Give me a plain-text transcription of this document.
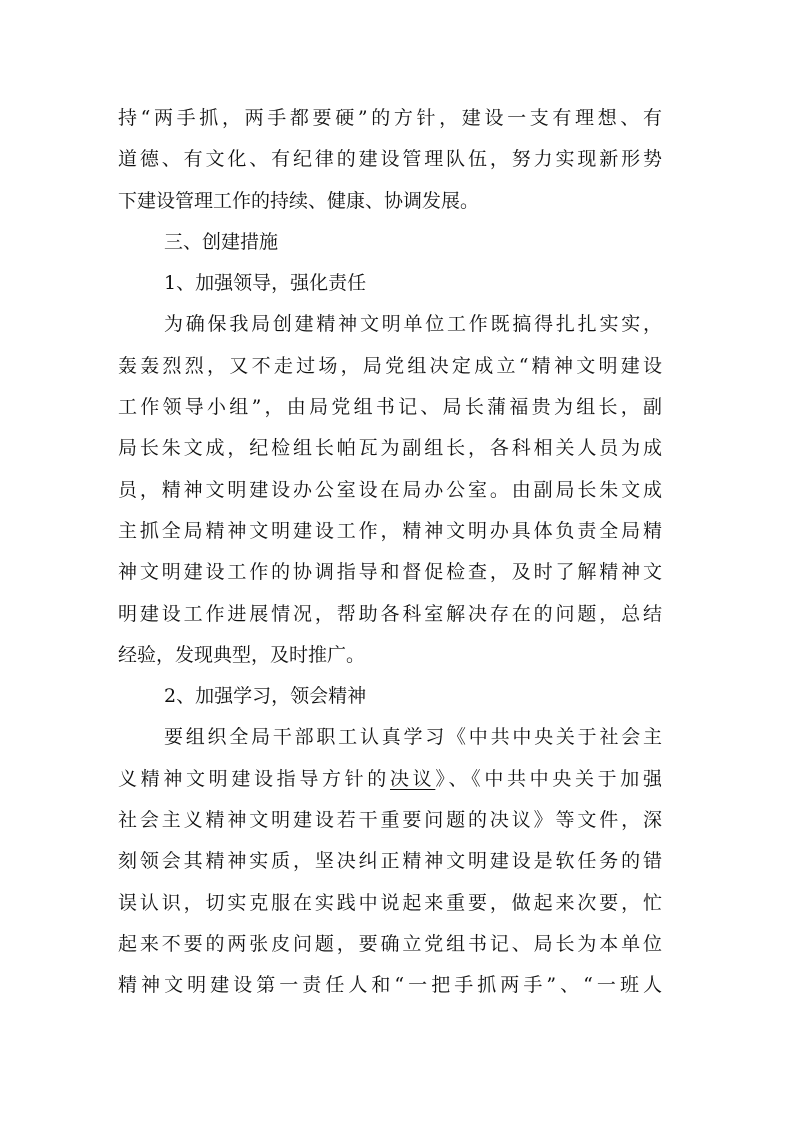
持“两手抓，两手都要硬”的方针，建设一支有理想、有
道德、有文化、有纪律的建设管理队伍，努力实现新形势
下建设管理工作的持续、健康、协调发展。
三、创建措施
1、加强领导，强化责任
为确保我局创建精神文明单位工作既搞得扎扎实实，
轰轰烈烈，又不走过场，局党组决定成立“精神文明建设
工作领导小组”，由局党组书记、局长蒲福贵为组长，副
局长朱文成，纪检组长帕瓦为副组长，各科相关人员为成
员，精神文明建设办公室设在局办公室。由副局长朱文成
主抓全局精神文明建设工作，精神文明办具体负责全局精
神文明建设工作的协调指导和督促检查，及时了解精神文
明建设工作进展情况，帮助各科室解决存在的问题，总结
经验，发现典型，及时推广。
2、加强学习，领会精神
要组织全局干部职工认真学习《中共中央关于社会主
义精神文明建设指导方针的决议》、《中共中央关于加强
社会主义精神文明建设若干重要问题的决议》等文件，深
刻领会其精神实质，坚决纠正精神文明建设是软任务的错
误认识，切实克服在实践中说起来重要，做起来次要，忙
起来不要的两张皮问题，要确立党组书记、局长为本单位
精神文明建设第一责任人和“一把手抓两手”、“一班人
